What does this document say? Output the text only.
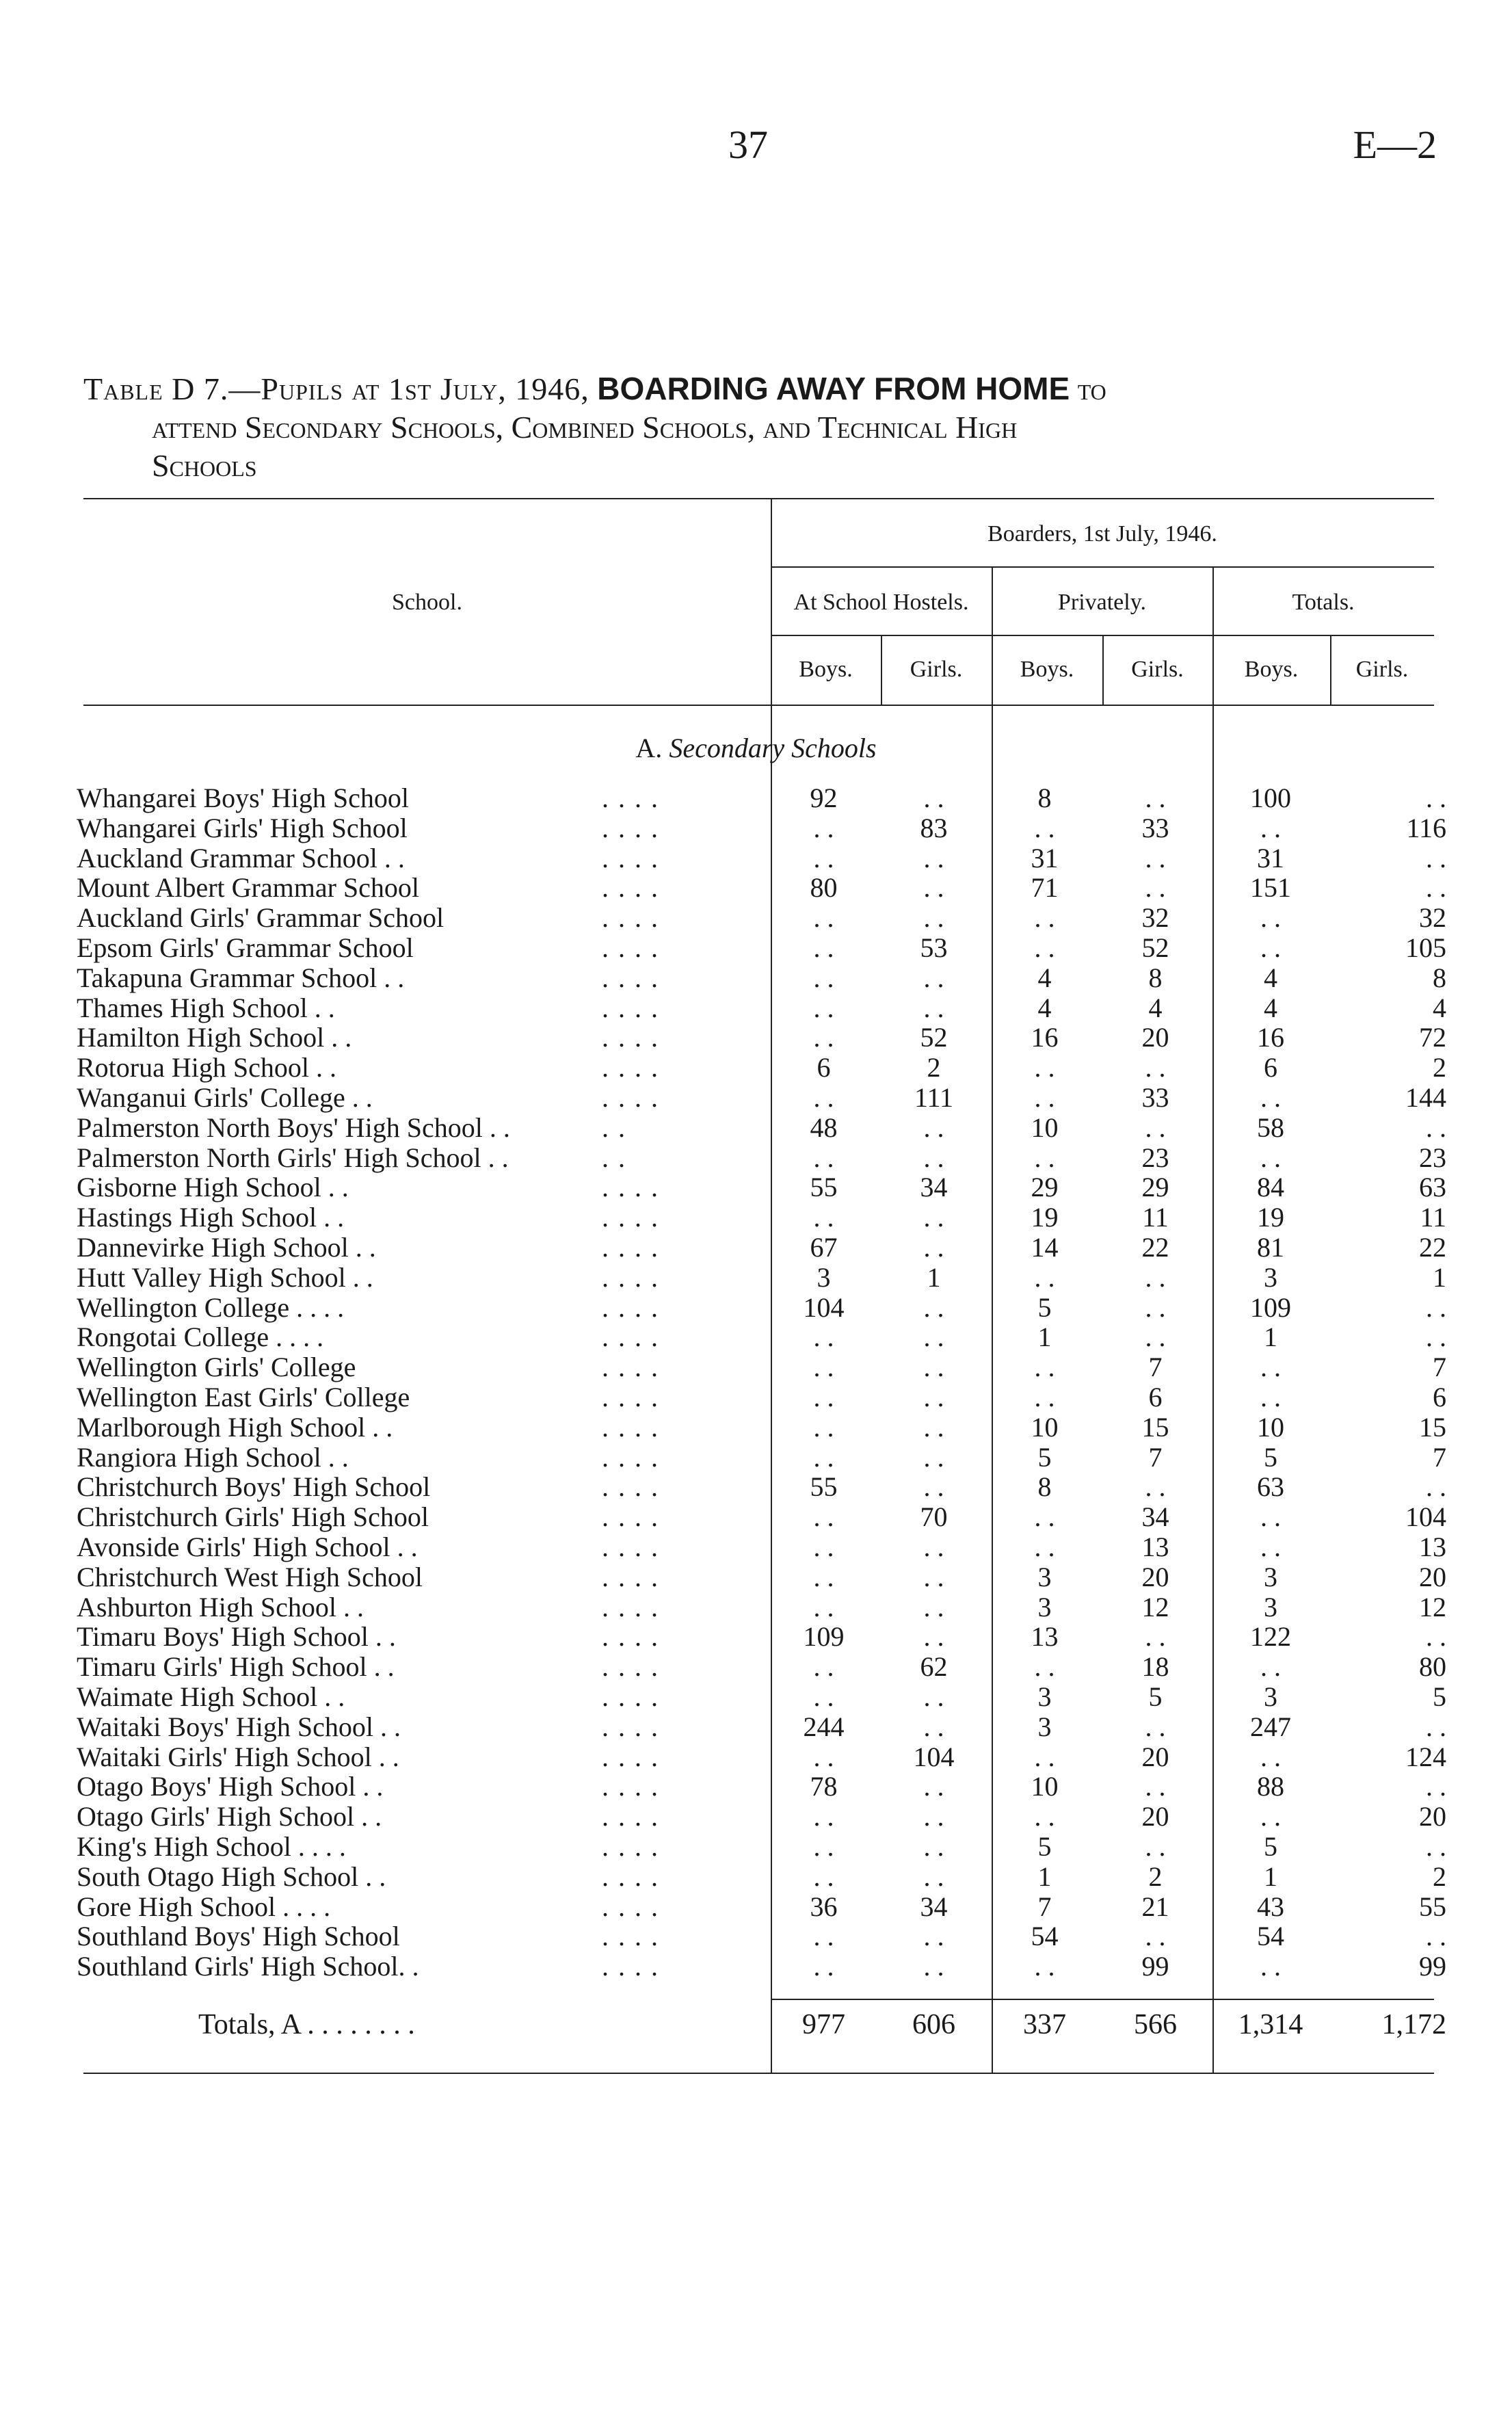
37	E—2
Table D 7.—Pupils at 1st July, 1946, BOARDING AWAY FROM HOME to
attend Secondary Schools, Combined Schools, and Technical High
Schools
School.
Boarders, 1st July, 1946.
At School Hostels.	Privately.	Totals.
Boys.	Girls.	Boys.	Girls.	Boys.	Girls.
A. Secondary Schools
Whangarei Boys' High School	. . . .	92	. .	8	. .	100	. .
Whangarei Girls' High School	. . . .	. .	83	. .	33	. .	116
Auckland Grammar School . .	. . . .	. .	. .	31	. .	31	. .
Mount Albert Grammar School	. . . .	80	. .	71	. .	151	. .
Auckland Girls' Grammar School	. . . .	. .	. .	. .	32	. .	32
Epsom Girls' Grammar School	. . . .	. .	53	. .	52	. .	105
Takapuna Grammar School . .	. . . .	. .	. .	4	8	4	8
Thames High School . .	. . . .	. .	. .	4	4	4	4
Hamilton High School . .	. . . .	. .	52	16	20	16	72
Rotorua High School . .	. . . .	6	2	. .	. .	6	2
Wanganui Girls' College . .	. . . .	. .	111	. .	33	. .	144
Palmerston North Boys' High School . .	. .	48	. .	10	. .	58	. .
Palmerston North Girls' High School . .	. .	. .	. .	. .	23	. .	23
Gisborne High School . .	. . . .	55	34	29	29	84	63
Hastings High School . .	. . . .	. .	. .	19	11	19	11
Dannevirke High School . .	. . . .	67	. .	14	22	81	22
Hutt Valley High School . .	. . . .	3	1	. .	. .	3	1
Wellington College . . . .	. . . .	104	. .	5	. .	109	. .
Rongotai College . . . .	. . . .	. .	. .	1	. .	1	. .
Wellington Girls' College	. . . .	. .	. .	. .	7	. .	7
Wellington East Girls' College	. . . .	. .	. .	. .	6	. .	6
Marlborough High School . .	. . . .	. .	. .	10	15	10	15
Rangiora High School . .	. . . .	. .	. .	5	7	5	7
Christchurch Boys' High School	. . . .	55	. .	8	. .	63	. .
Christchurch Girls' High School	. . . .	. .	70	. .	34	. .	104
Avonside Girls' High School . .	. . . .	. .	. .	. .	13	. .	13
Christchurch West High School	. . . .	. .	. .	3	20	3	20
Ashburton High School . .	. . . .	. .	. .	3	12	3	12
Timaru Boys' High School . .	. . . .	109	. .	13	. .	122	. .
Timaru Girls' High School . .	. . . .	. .	62	. .	18	. .	80
Waimate High School . .	. . . .	. .	. .	3	5	3	5
Waitaki Boys' High School . .	. . . .	244	. .	3	. .	247	. .
Waitaki Girls' High School . .	. . . .	. .	104	. .	20	. .	124
Otago Boys' High School . .	. . . .	78	. .	10	. .	88	. .
Otago Girls' High School . .	. . . .	. .	. .	. .	20	. .	20
King's High School . . . .	. . . .	. .	. .	5	. .	5	. .
South Otago High School . .	. . . .	. .	. .	1	2	1	2
Gore High School . . . .	. . . .	36	34	7	21	43	55
Southland Boys' High School	. . . .	. .	. .	54	. .	54	. .
Southland Girls' High School. .	. . . .	. .	. .	. .	99	. .	99
Totals, A . . . . . . . .	977	606	337	566	1,314	1,172
